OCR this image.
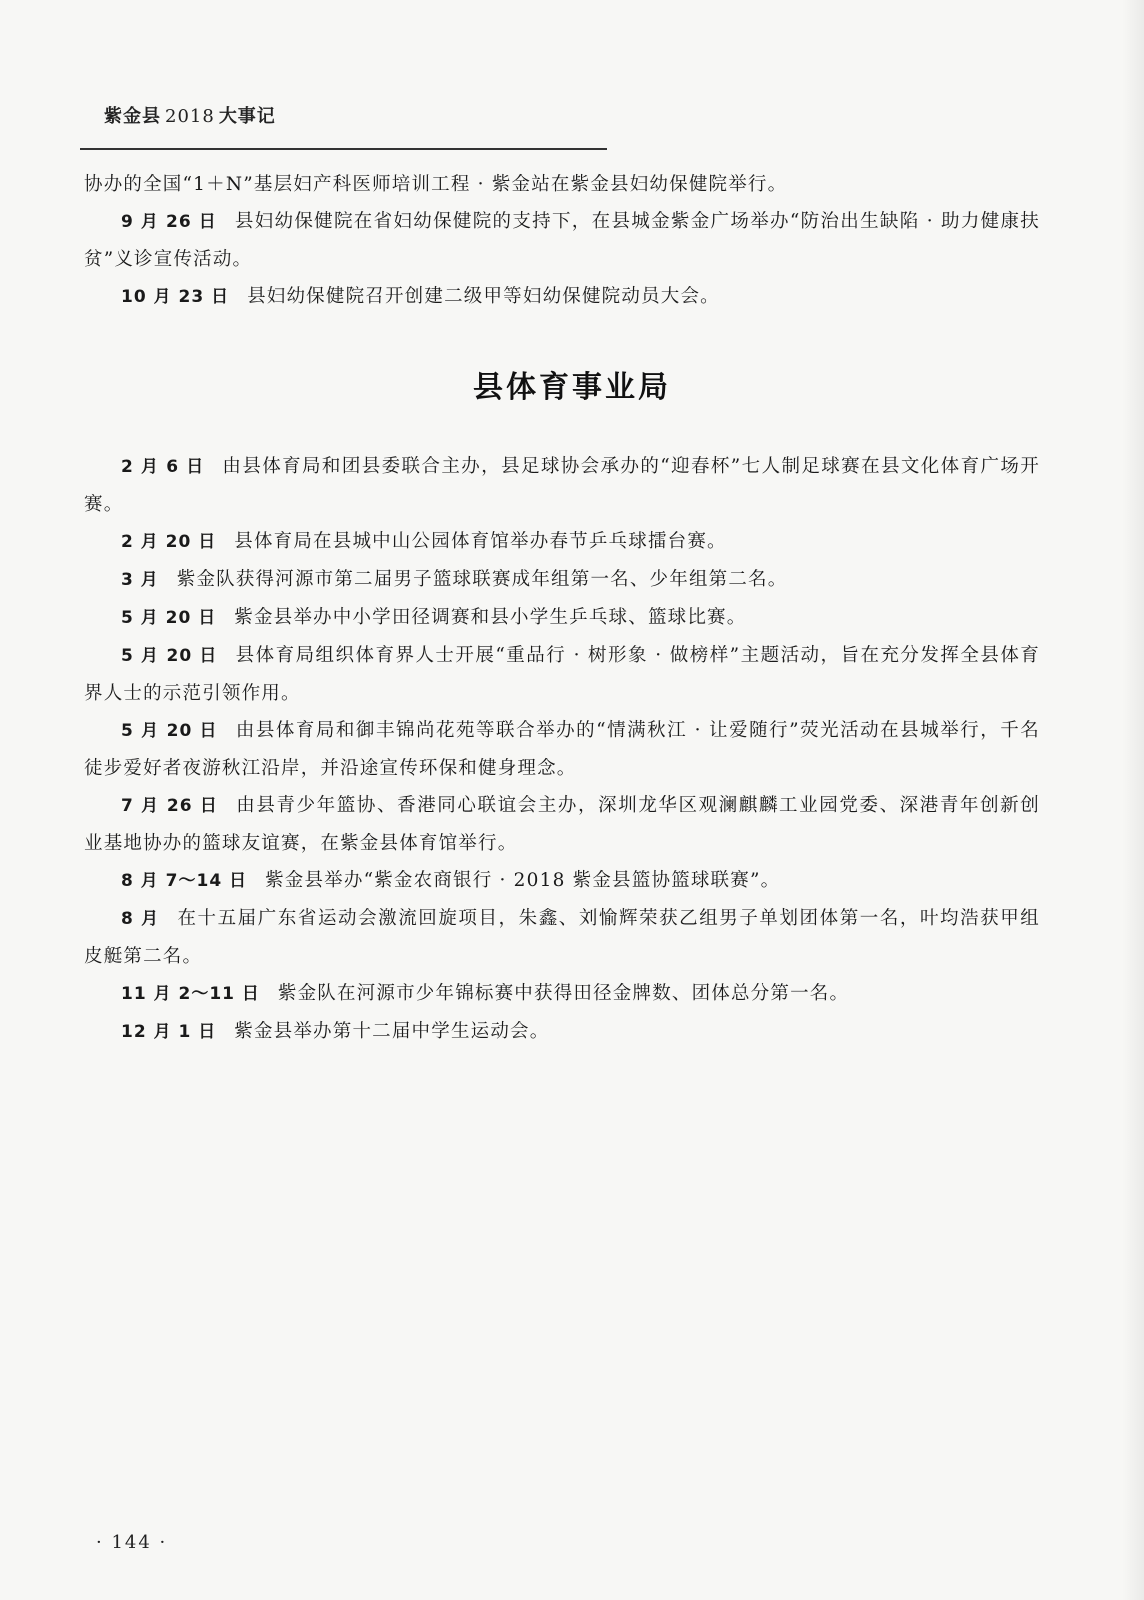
紫金县 2018 大事记

协办的全国“1＋N”基层妇产科医师培训工程 · 紫金站在紫金县妇幼保健院举行。

9 月 26 日 县妇幼保健院在省妇幼保健院的支持下，在县城金紫金广场举办“防治出生缺陷 · 助力健康扶贫”义诊宣传活动。

10 月 23 日 县妇幼保健院召开创建二级甲等妇幼保健院动员大会。

县体育事业局

2 月 6 日 由县体育局和团县委联合主办，县足球协会承办的“迎春杯”七人制足球赛在县文化体育广场开赛。

2 月 20 日 县体育局在县城中山公园体育馆举办春节乒乓球擂台赛。

3 月 紫金队获得河源市第二届男子篮球联赛成年组第一名、少年组第二名。

5 月 20 日 紫金县举办中小学田径调赛和县小学生乒乓球、篮球比赛。

5 月 20 日 县体育局组织体育界人士开展“重品行 · 树形象 · 做榜样”主题活动，旨在充分发挥全县体育界人士的示范引领作用。

5 月 20 日 由县体育局和御丰锦尚花苑等联合举办的“情满秋江 · 让爱随行”荧光活动在县城举行，千名徒步爱好者夜游秋江沿岸，并沿途宣传环保和健身理念。

7 月 26 日 由县青少年篮协、香港同心联谊会主办，深圳龙华区观澜麒麟工业园党委、深港青年创新创业基地协办的篮球友谊赛，在紫金县体育馆举行。

8 月 7～14 日 紫金县举办“紫金农商银行 · 2018 紫金县篮协篮球联赛”。

8 月 在十五届广东省运动会激流回旋项目，朱鑫、刘愉辉荣获乙组男子单划团体第一名，叶均浩获甲组皮艇第二名。

11 月 2～11 日 紫金队在河源市少年锦标赛中获得田径金牌数、团体总分第一名。

12 月 1 日 紫金县举办第十二届中学生运动会。

· 144 ·
